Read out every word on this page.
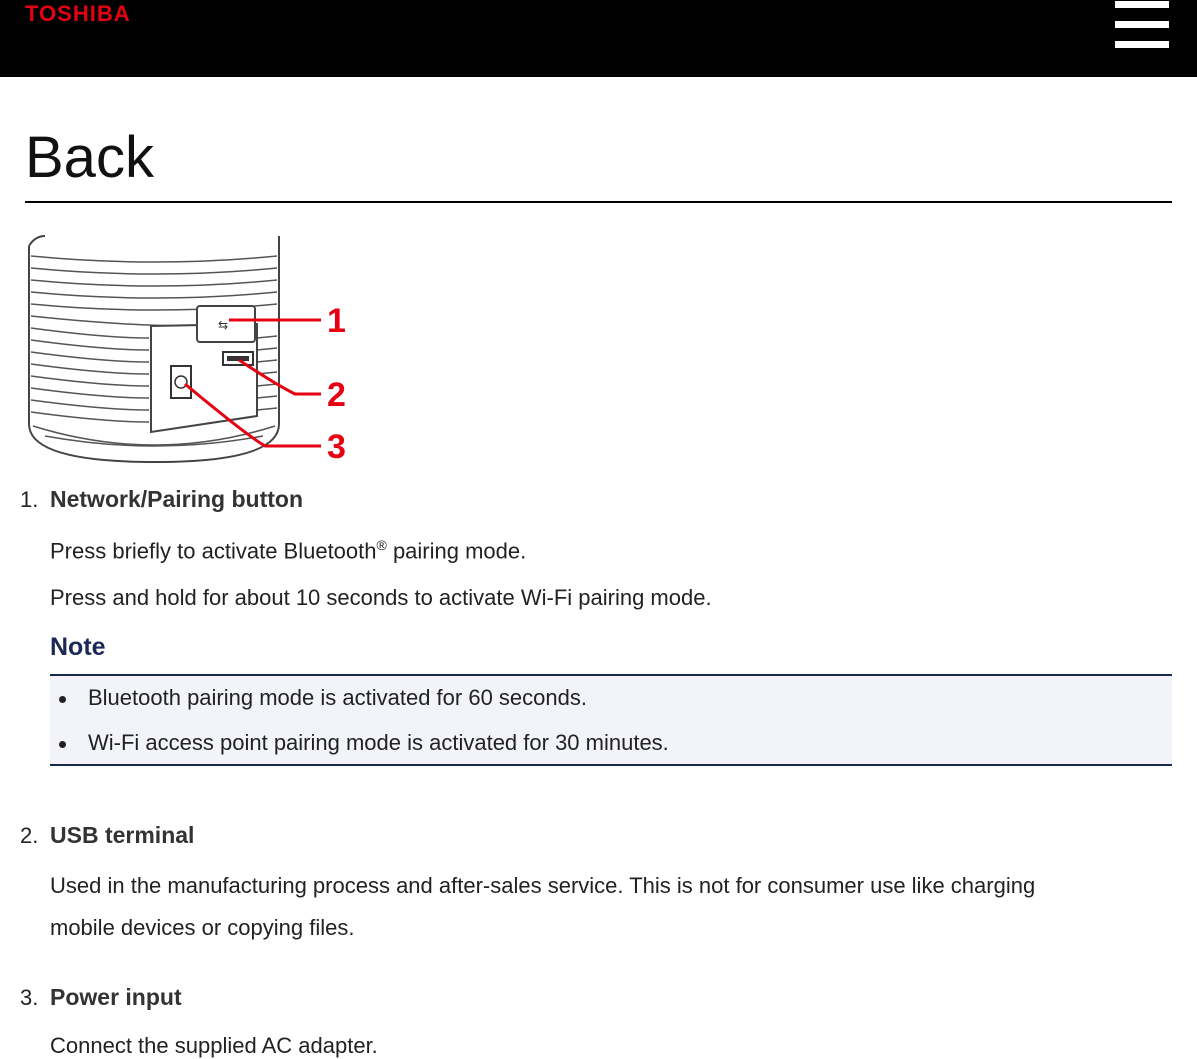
TOSHIBA
Back
⇆	1
2
3
1. Network/Pairing button
Press briefly to activate Bluetooth® pairing mode.
Press and hold for about 10 seconds to activate Wi-Fi pairing mode.
Note
Bluetooth pairing mode is activated for 60 seconds.
Wi-Fi access point pairing mode is activated for 30 minutes.
2. USB terminal
Used in the manufacturing process and after-sales service. This is not for consumer use like charging
mobile devices or copying files.
3. Power input
Connect the supplied AC adapter.
